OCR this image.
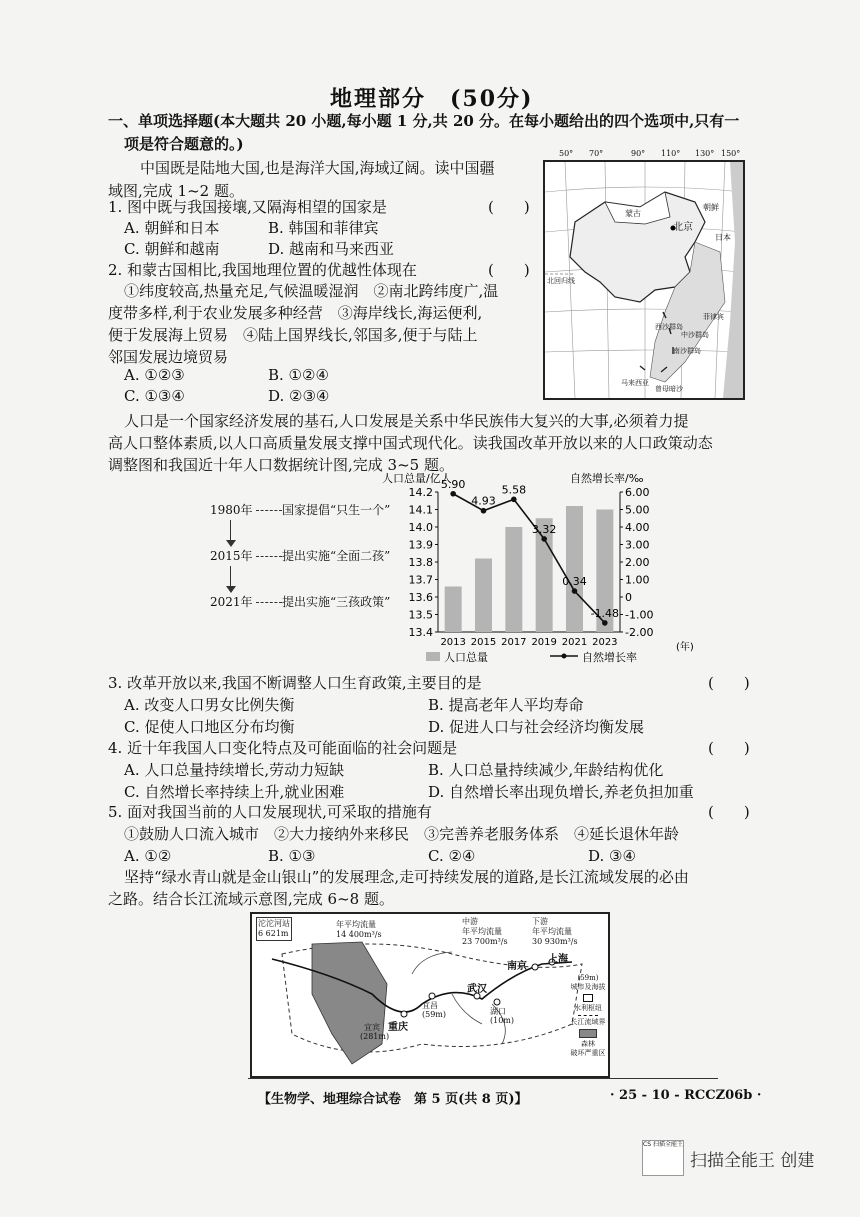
地理部分　(50分)
一、单项选择题(本大题共 20 小题,每小题 1 分,共 20 分。在每小题给出的四个选项中,只有一
项是符合题意的。)
中国既是陆地大国,也是海洋大国,海域辽阔。读中国疆
域图,完成 1~2 题。
1. 图中既与我国接壤,又隔海相望的国家是	(　　)
A. 朝鲜和日本	B. 韩国和菲律宾
C. 朝鲜和越南	D. 越南和马来西亚
2. 和蒙古国相比,我国地理位置的优越性体现在	(　　)
①纬度较高,热量充足,气候温暖湿润　②南北跨纬度广,温
度带多样,利于农业发展多种经营　③海岸线长,海运便利,
便于发展海上贸易　④陆上国界线长,邻国多,便于与陆上
邻国发展边境贸易
A. ①②③	B. ①②④
C. ①③④	D. ②③④
50° 70°	90° 110° 130° 150°
蒙古
北京
朝鲜
日本
中沙群岛
西沙群岛
南沙群岛
马来西亚
菲律宾
曾母暗沙
北回归线
人口是一个国家经济发展的基石,人口发展是关系中华民族伟大复兴的大事,必须着力提
高人口整体素质,以人口高质量发展支撑中国式现代化。读我国改革开放以来的人口政策动态
调整图和我国近十年人口数据统计图,完成 3~5 题。
1980年 国家提倡“只生一个”
2015年 提出实施“全面二孩”
2021年 提出实施“三孩政策”
人口总量/亿人	自然增长率/‰
(年)
人口总量	自然增长率
14.2
14.1
14.0
13.9
13.8
13.7
13.6
13.5
13.4
6.00
5.00
4.00
3.00
2.00
1.00
0
-1.00
-2.00
2013 2015 2017 2019 2021 2023
5.90
4.93
5.58
3.32
0.34
-1.48
3. 改革开放以来,我国不断调整人口生育政策,主要目的是	(　　)
A. 改变人口男女比例失衡	B. 提高老年人平均寿命
C. 促使人口地区分布均衡	D. 促进人口与社会经济均衡发展
4. 近十年我国人口变化特点及可能面临的社会问题是	(　　)
A. 人口总量持续增长,劳动力短缺	B. 人口总量持续减少,年龄结构优化
C. 自然增长率持续上升,就业困难	D. 自然增长率出现负增长,养老负担加重
5. 面对我国当前的人口发展现状,可采取的措施有	(　　)
①鼓励人口流入城市　②大力接纳外来移民　③完善养老服务体系　④延长退休年龄
A. ①②	B. ①③	C. ②④	D. ③④
坚持“绿水青山就是金山银山”的发展理念,走可持续发展的道路,是长江流域发展的必由
之路。结合长江流域示意图,完成 6~8 题。
沱沱河站
6 621m
年平均流量
14 400m³/s
中游
年平均流量
23 700m³/s
下游
年平均流量
30 930m³/s
南京
上海
武汉
重庆
宜昌
(59m)
宜宾
(281m)
湖口
(10m)
(59m)
城市及海拔
水利枢纽
长江流域界
森林
破坏严重区
【生物学、地理综合试卷　第 5 页(共 8 页)】	· 25 - 10 - RCCZ06b ·
CS 扫描全能王
扫描全能王 创建
